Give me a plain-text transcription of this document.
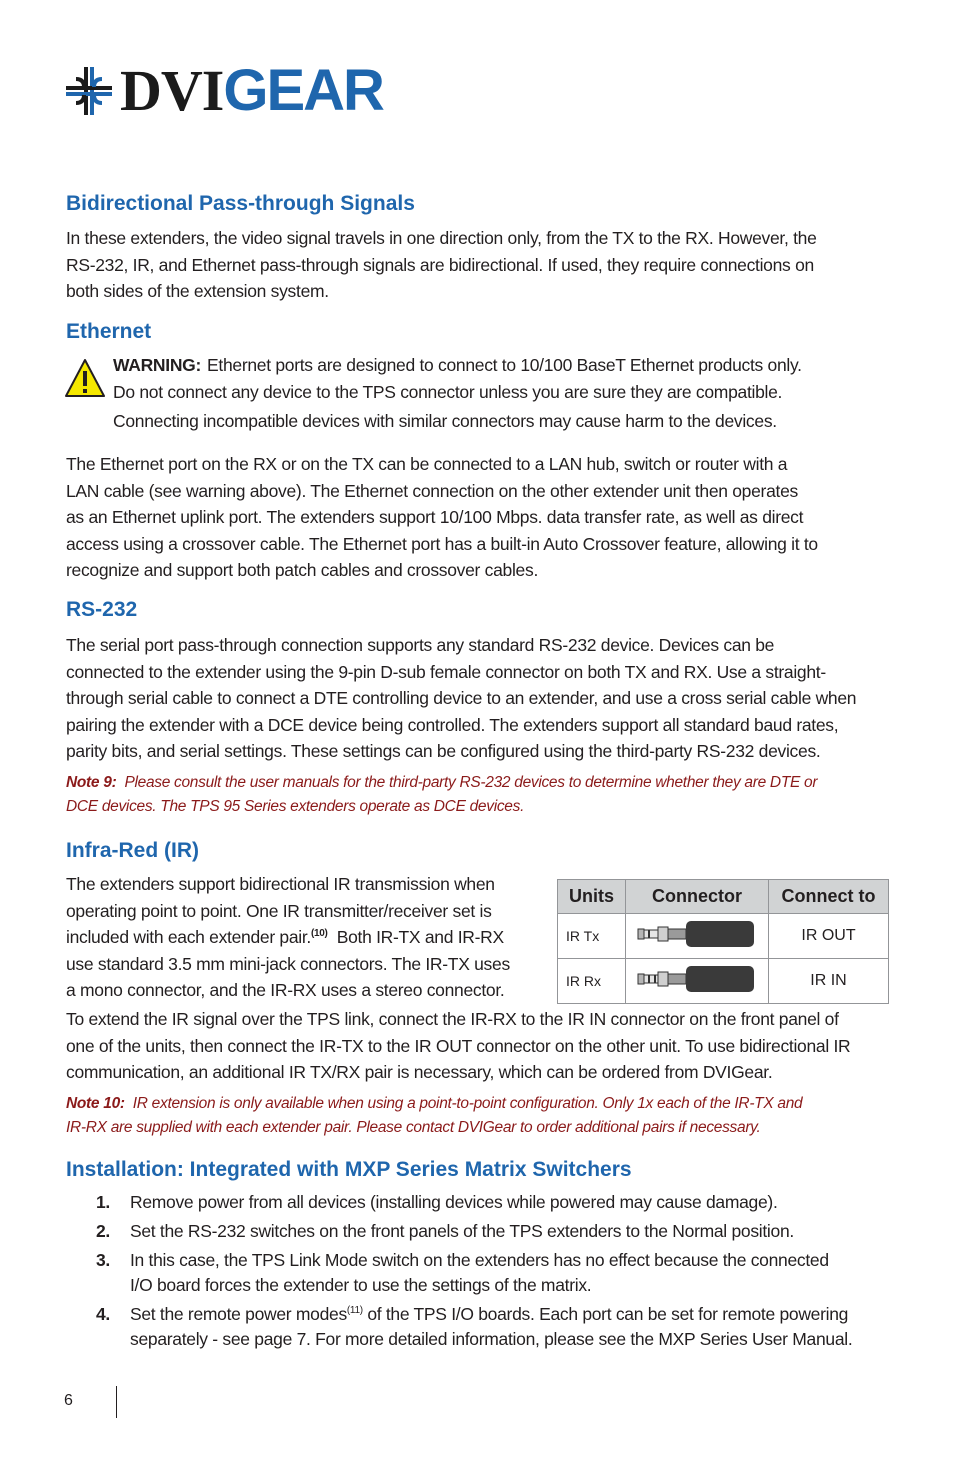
DVIGEAR
Bidirectional Pass-through Signals
In these extenders, the video signal travels in one direction only, from the TX to the RX. However, the
RS-232, IR, and Ethernet pass-through signals are bidirectional. If used, they require connections on
both sides of the extension system.
Ethernet
WARNING: Ethernet ports are designed to connect to 10/100 BaseT Ethernet products only.
Do not connect any device to the TPS connector unless you are sure they are compatible.
Connecting incompatible devices with similar connectors may cause harm to the devices.
The Ethernet port on the RX or on the TX can be connected to a LAN hub, switch or router with a
LAN cable (see warning above). The Ethernet connection on the other extender unit then operates
as an Ethernet uplink port. The extenders support 10/100 Mbps. data transfer rate, as well as direct
access using a crossover cable. The Ethernet port has a built-in Auto Crossover feature, allowing it to
recognize and support both patch cables and crossover cables.
RS-232
The serial port pass-through connection supports any standard RS-232 device. Devices can be
connected to the extender using the 9-pin D-sub female connector on both TX and RX. Use a straight-
through serial cable to connect a DTE controlling device to an extender, and use a cross serial cable when
pairing the extender with a DCE device being controlled. The extenders support all standard baud rates,
parity bits, and serial settings. These settings can be configured using the third-party RS-232 devices.
Note 9: Please consult the user manuals for the third-party RS-232 devices to determine whether they are DTE or
DCE devices. The TPS 95 Series extenders operate as DCE devices.
Infra-Red (IR)
The extenders support bidirectional IR transmission when
operating point to point. One IR transmitter/receiver set is
included with each extender pair.$^{(10)}$ Both IR-TX and IR-RX
use standard 3.5 mm mini-jack connectors. The IR-TX uses
a mono connector, and the IR-RX uses a stereo connector.
Units	Connector	Connect to
IR Tx		IR OUT
IR Rx		IR IN
To extend the IR signal over the TPS link, connect the IR-RX to the IR IN connector on the front panel of
one of the units, then connect the IR-TX to the IR OUT connector on the other unit. To use bidirectional IR
communication, an additional IR TX/RX pair is necessary, which can be ordered from DVIGear.
Note 10: IR extension is only available when using a point-to-point configuration. Only 1x each of the IR-TX and
IR-RX are supplied with each extender pair. Please contact DVIGear to order additional pairs if necessary.
Installation: Integrated with MXP Series Matrix Switchers
1. Remove power from all devices (installing devices while powered may cause damage).
2. Set the RS-232 switches on the front panels of the TPS extenders to the Normal position.
3. In this case, the TPS Link Mode switch on the extenders has no effect because the connected
I/O board forces the extender to use the settings of the matrix.
4. Set the remote power modes$^{(11)}$ of the TPS I/O boards. Each port can be set for remote powering
separately - see page 7. For more detailed information, please see the MXP Series User Manual.
6
